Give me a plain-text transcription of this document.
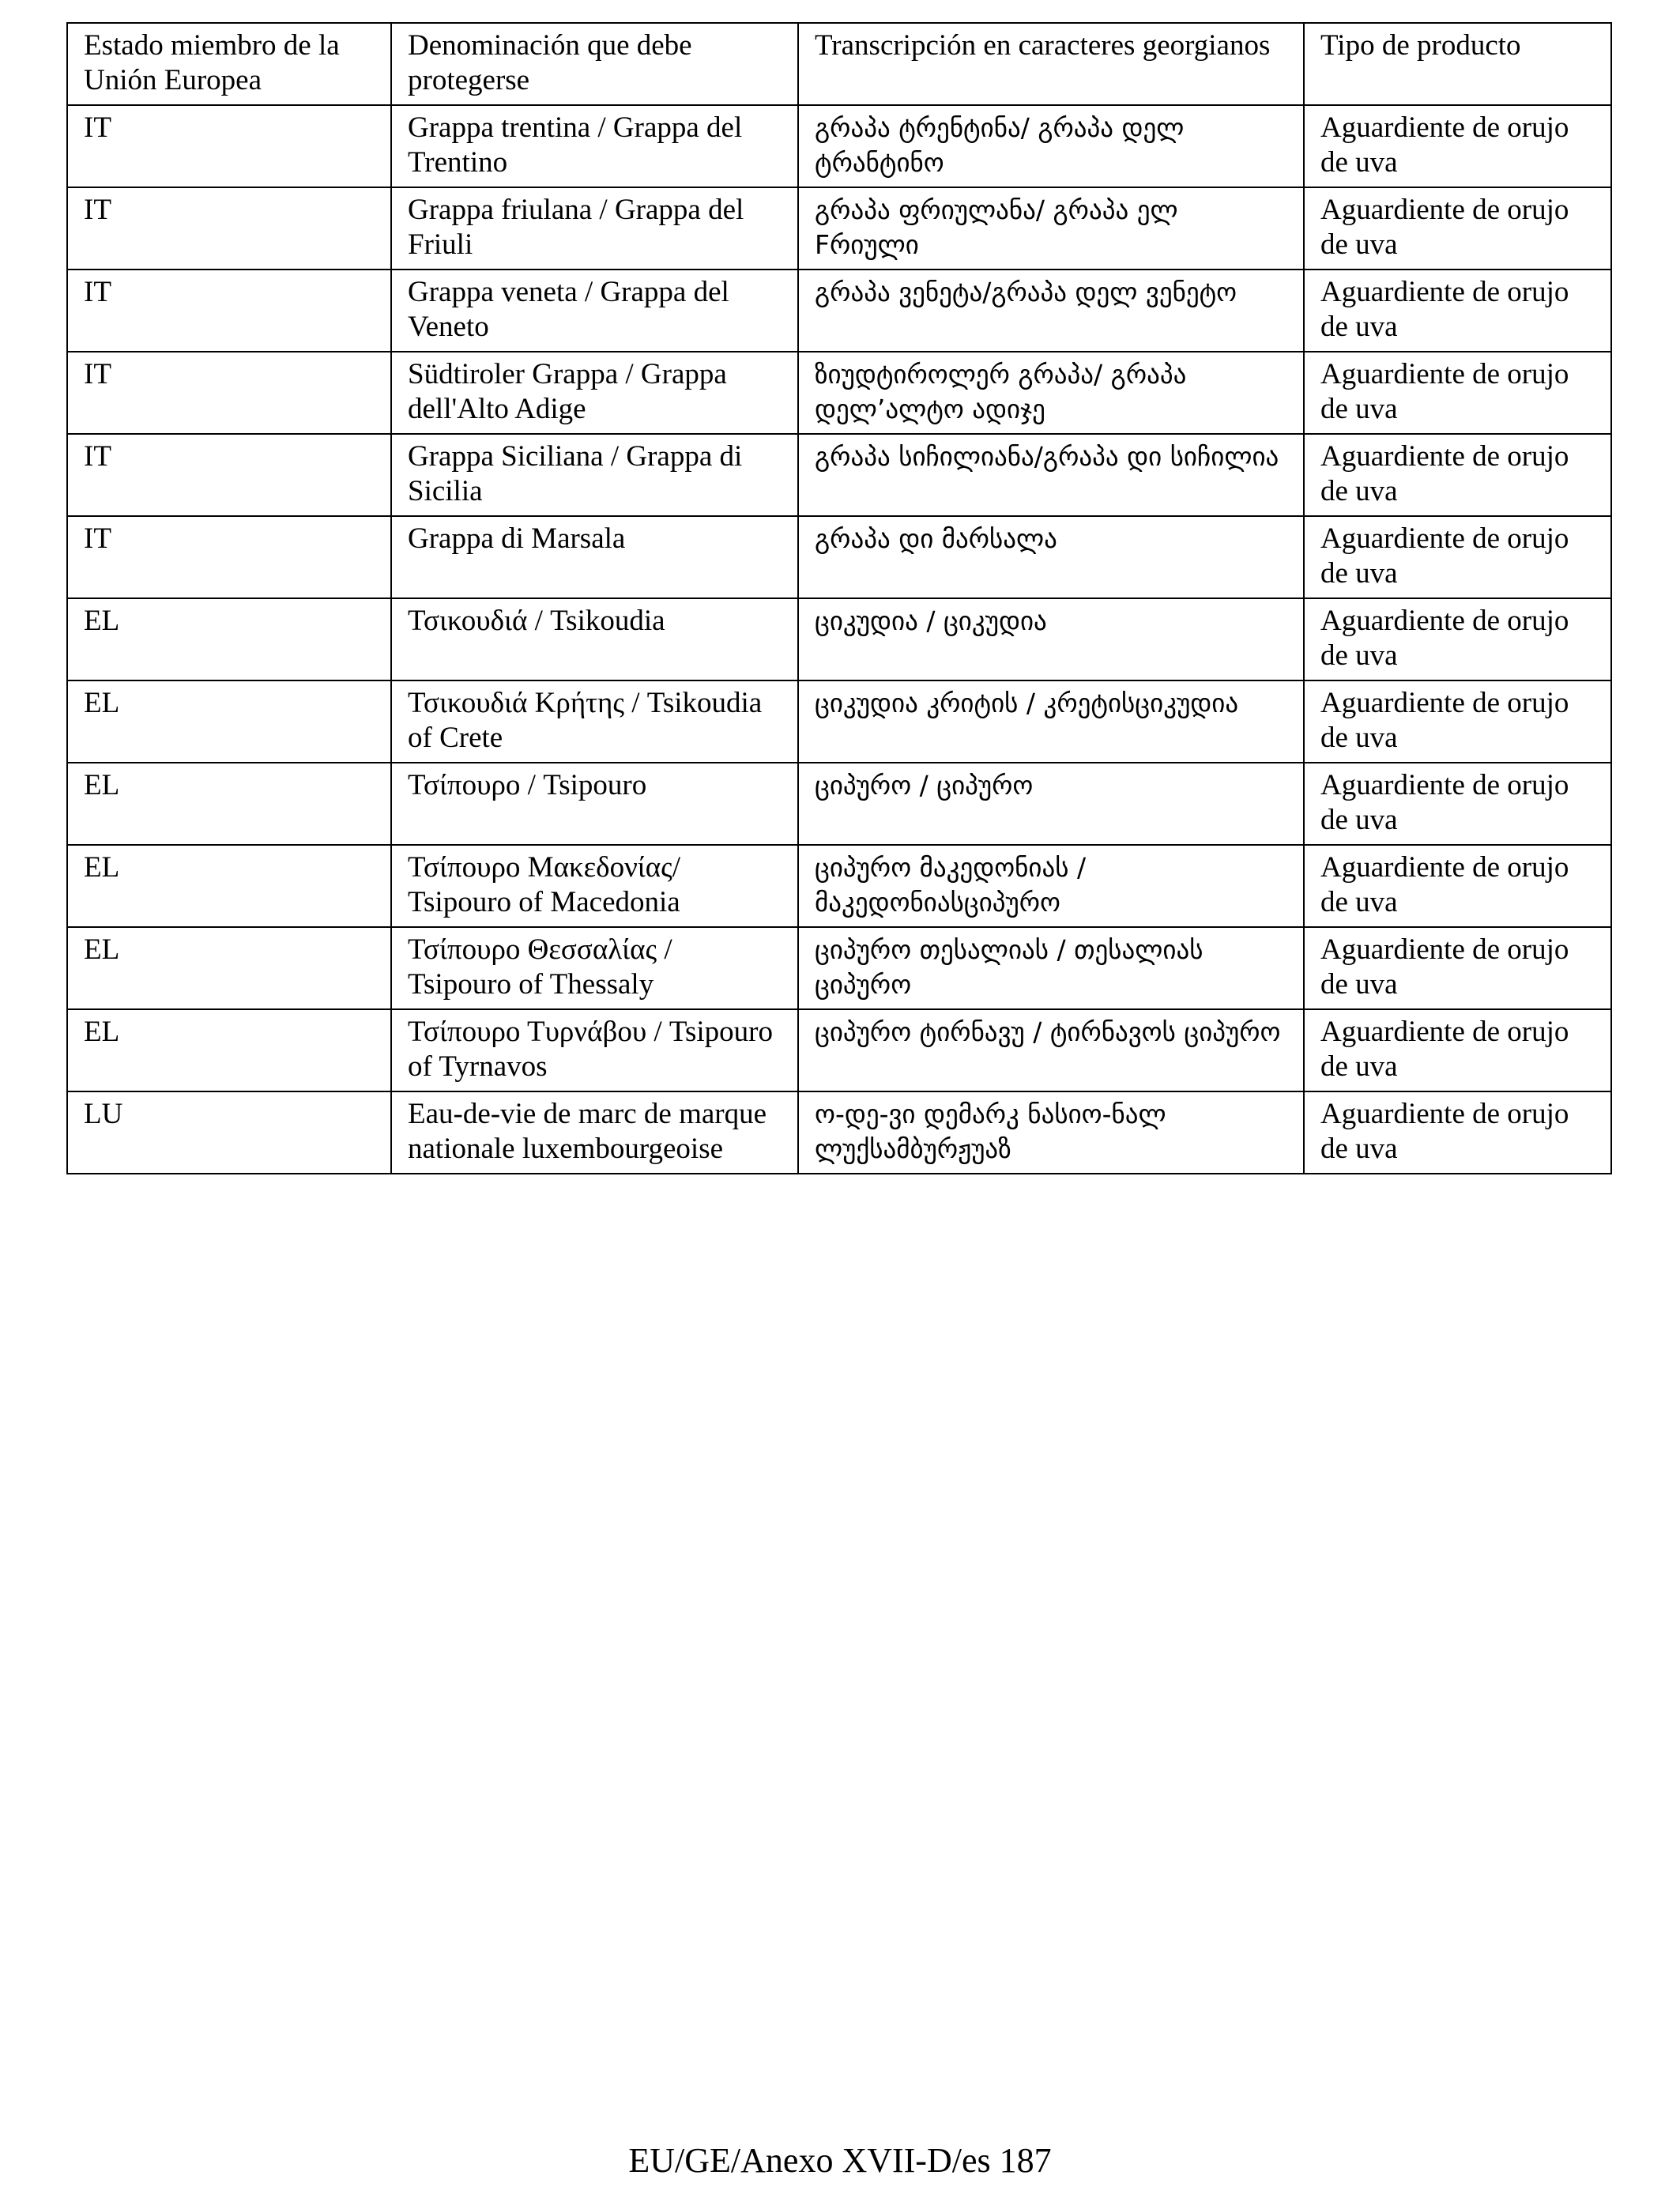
Estado miembro de la Unión Europea	Denominación que debe protegerse	Transcripción en caracteres georgianos	Tipo de producto
IT	Grappa trentina / Grappa del Trentino	გრაპა ტრენტინა/ გრაპა დელ ტრანტინო	Aguardiente de orujo de uva
IT	Grappa friulana / Grappa del Friuli	გრაპა ფრიულანა/ გრაპა ელ Fრიული	Aguardiente de orujo de uva
IT	Grappa veneta / Grappa del Veneto	გრაპა ვენეტა/გრაპა დელ ვენეტო	Aguardiente de orujo de uva
IT	Südtiroler Grappa / Grappa dell'Alto Adige	ზიუდტიროლერ გრაპა/ გრაპა დელ’ალტო ადიჯე	Aguardiente de orujo de uva
IT	Grappa Siciliana / Grappa di Sicilia	გრაპა სიჩილიანა/გრაპა დი სიჩილია	Aguardiente de orujo de uva
IT	Grappa di Marsala	გრაპა დი მარსალა	Aguardiente de orujo de uva
EL	Τσικουδιά / Tsikoudia	ციკუდია / ციკუდია	Aguardiente de orujo de uva
EL	Τσικουδιά Κρήτης / Tsikoudia of Crete	ციკუდია კრიტის / კრეტისციკუდია	Aguardiente de orujo de uva
EL	Τσίπουρο / Tsipouro	ციპურო / ციპურო	Aguardiente de orujo de uva
EL	Τσίπουρο Μακεδονίας/ Tsipouro of Macedonia	ციპურო მაკედონიას / მაკედონიასციპურო	Aguardiente de orujo de uva
EL	Τσίπουρο Θεσσαλίας / Tsipouro of Thessaly	ციპურო თესალიას / თესალიას ციპურო	Aguardiente de orujo de uva
EL	Τσίπουρο Τυρνάβου / Tsipouro of Tyrnavos	ციპურო ტირნავუ / ტირნავოს ციპურო	Aguardiente de orujo de uva
LU	Eau-de-vie de marc de marque nationale luxembourgeoise	ო-დე-ვი დემარკ ნასიო-ნალ ლუქსამბურჟუაზ	Aguardiente de orujo de uva
EU/GE/Anexo XVII-D/es 187
